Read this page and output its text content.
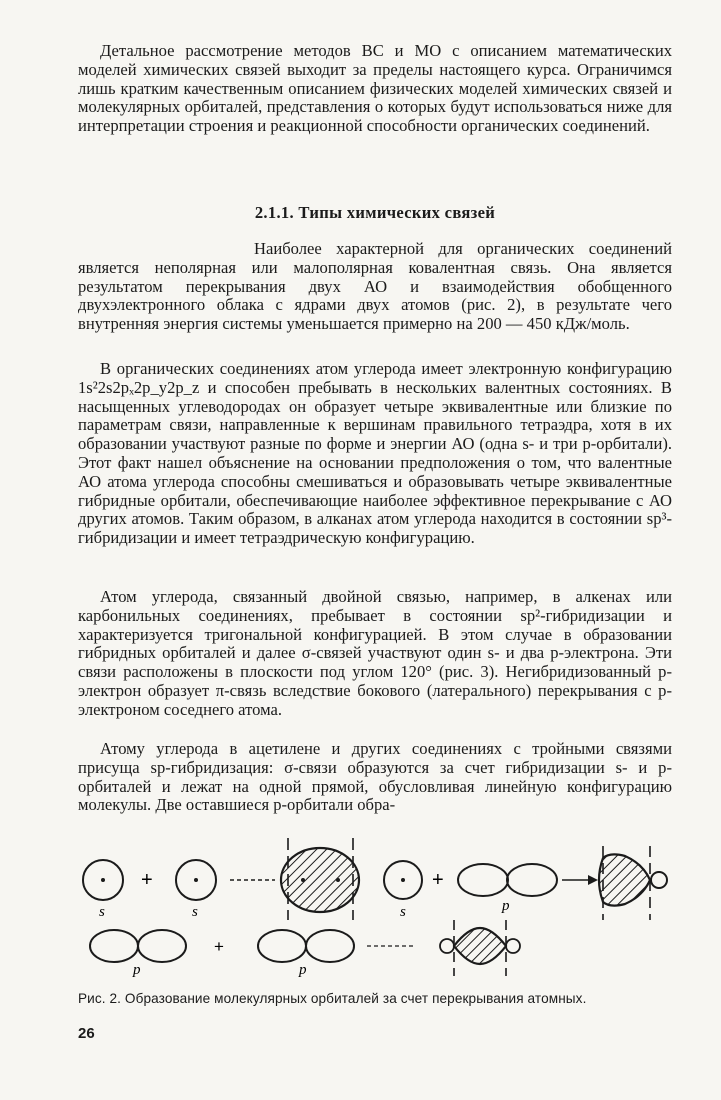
Детальное рассмотрение методов ВС и МО с описанием математических моделей химических связей выходит за пределы настоящего курса. Ограничимся лишь кратким качественным описанием физических моделей химических связей и молекулярных орбиталей, представления о которых будут использоваться ниже для интерпретации строения и реакционной способности органических соединений.

2.1.1. Типы химических связей

Наиболее характерной для органических соединений является неполярная или малополярная ковалентная связь. Она является результатом перекрывания двух АО и взаимодействия обобщенного двухэлектронного облака с ядрами двух атомов (рис. 2), в результате чего внутренняя энергия системы уменьшается примерно на 200 — 450 кДж/моль.

В органических соединениях атом углерода имеет электронную конфигурацию 1s²2s2pₓ2p_y2p_z и способен пребывать в нескольких валентных состояниях. В насыщенных углеводородах он образует четыре эквивалентные или близкие по параметрам связи, направленные к вершинам правильного тетраэдра, хотя в их образовании участвуют разные по форме и энергии АО (одна s- и три p-орбитали). Этот факт нашел объяснение на основании предположения о том, что валентные АО атома углерода способны смешиваться и образовывать четыре эквивалентные гибридные орбитали, обеспечивающие наиболее эффективное перекрывание с АО других атомов. Таким образом, в алканах атом углерода находится в состоянии sp³-гибридизации и имеет тетраэдрическую конфигурацию.

Атом углерода, связанный двойной связью, например, в алкенах или карбонильных соединениях, пребывает в состоянии sp²-гибридизации и характеризуется тригональной конфигурацией. В этом случае в образовании гибридных орбиталей и далее σ-связей участвуют один s- и два p-электрона. Эти связи расположены в плоскости под углом 120° (рис. 3). Негибридизованный p-электрон образует π-связь вследствие бокового (латерального) перекрывания с p-электроном соседнего атома.

Атому углерода в ацетилене и других соединениях с тройными связями присуща sp-гибридизация: σ-связи образуются за счет гибридизации s- и p-орбиталей и лежат на одной прямой, обусловливая линейную конфигурацию молекулы. Две оставшиеся p-орбитали обра-

s
+
s	s
+
p
p
+
p
Рис. 2. Образование молекулярных орбиталей за счет перекрывания атомных.
26
